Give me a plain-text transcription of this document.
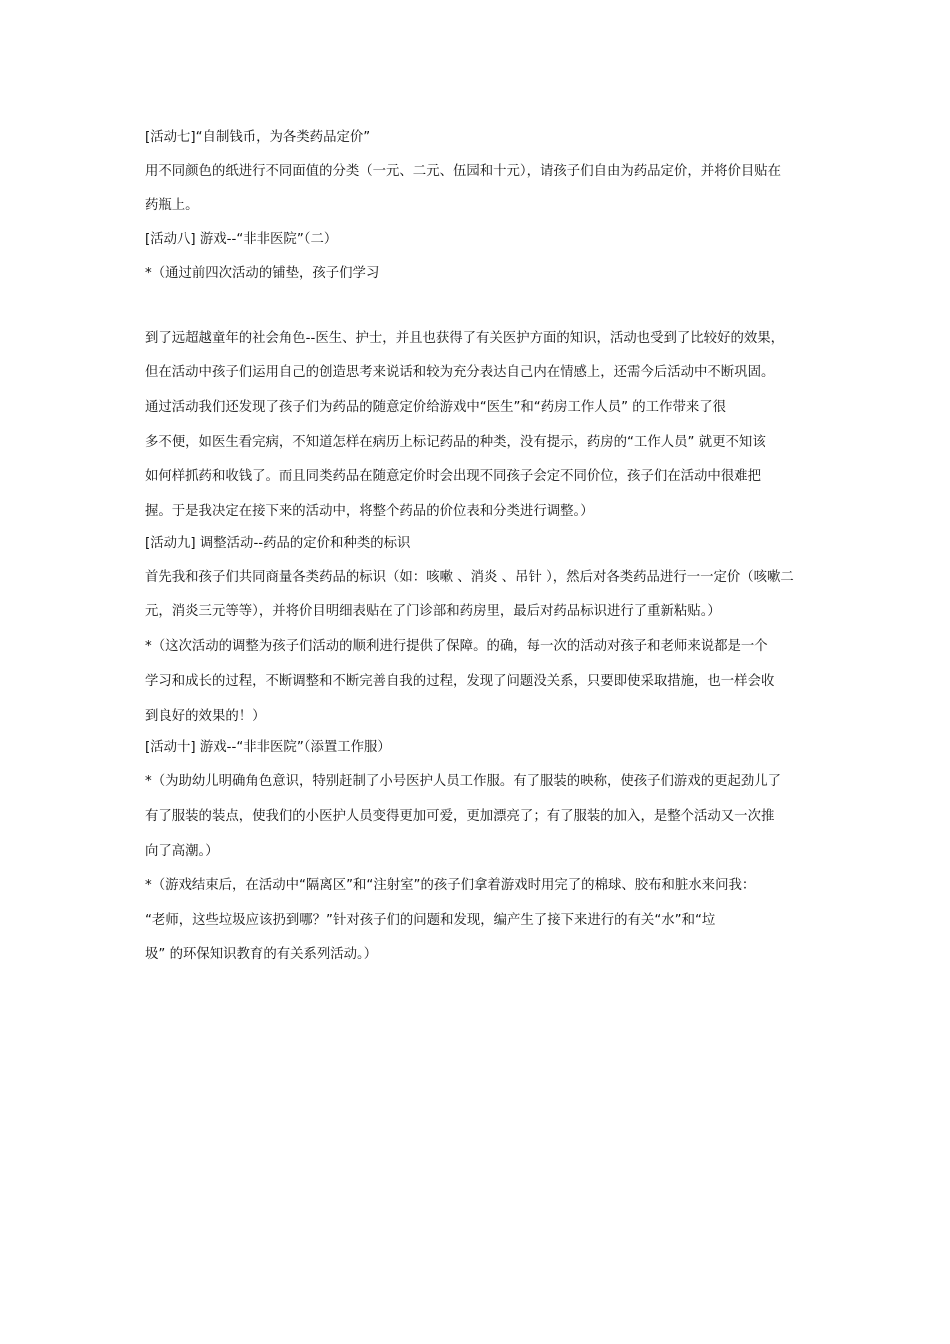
[活动七]“自制钱币，为各类药品定价”
用不同颜色的纸进行不同面值的分类（一元、二元、伍园和十元），请孩子们自由为药品定价，并将价目贴在
药瓶上。
[活动八] 游戏--“非非医院”（二）
*（通过前四次活动的铺垫，孩子们学习
到了远超越童年的社会角色--医生、护士，并且也获得了有关医护方面的知识，活动也受到了比较好的效果，
但在活动中孩子们运用自己的创造思考来说话和较为充分表达自己内在情感上，还需今后活动中不断巩固。
通过活动我们还发现了孩子们为药品的随意定价给游戏中“医生”和“药房工作人员” 的工作带来了很
多不便，如医生看完病，不知道怎样在病历上标记药品的种类，没有提示，药房的“工作人员” 就更不知该
如何样抓药和收钱了。而且同类药品在随意定价时会出现不同孩子会定不同价位，孩子们在活动中很难把
握。于是我决定在接下来的活动中，将整个药品的价位表和分类进行调整。）
[活动九] 调整活动--药品的定价和种类的标识
首先我和孩子们共同商量各类药品的标识（如：咳嗽 、消炎 、吊针 ），然后对各类药品进行一一定价（咳嗽二
元，消炎三元等等），并将价目明细表贴在了门诊部和药房里，最后对药品标识进行了重新粘贴。）
*（这次活动的调整为孩子们活动的顺利进行提供了保障。的确，每一次的活动对孩子和老师来说都是一个
学习和成长的过程，不断调整和不断完善自我的过程，发现了问题没关系，只要即使采取措施，也一样会收
到良好的效果的！）
[活动十] 游戏--“非非医院”（添置工作服）
*（为助幼儿明确角色意识，特别赶制了小号医护人员工作服。有了服装的映称，使孩子们游戏的更起劲儿了
有了服装的装点，使我们的小医护人员变得更加可爱，更加漂亮了；有了服装的加入，是整个活动又一次推
向了高潮。）
*（游戏结束后，在活动中“隔离区”和“注射室”的孩子们拿着游戏时用完了的棉球、胶布和脏水来问我：
“老师，这些垃圾应该扔到哪？”针对孩子们的问题和发现，编产生了接下来进行的有关“水”和“垃
圾” 的环保知识教育的有关系列活动。）
